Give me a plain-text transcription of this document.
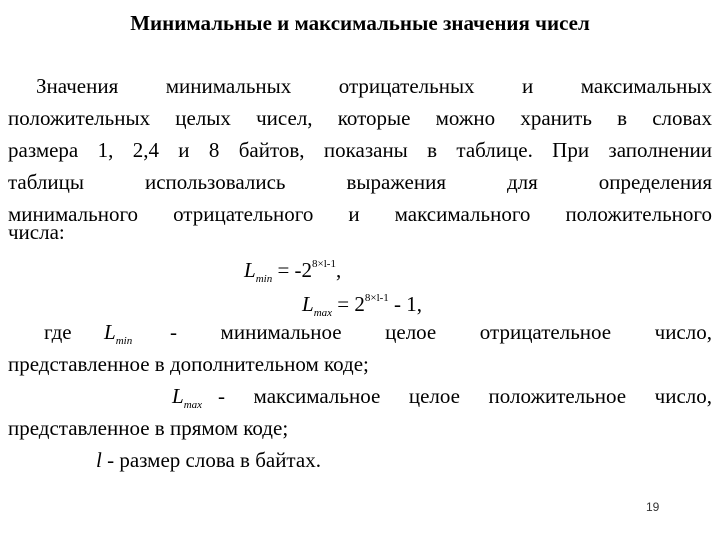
Минимальные и максимальные значения чисел
Значения минимальных отрицательных и максимальных
положительных целых чисел, которые можно хранить в словах
размера 1, 2,4 и 8 байтов, показаны в таблице. При заполнении
таблицы использовались выражения для определения
минимального отрицательного и максимального положительного
числа:
$L_{min} = -2^{8\times l-1}$,
$L_{max} = 2^{8\times l-1} - 1$,
где $L_{min}$ - минимальное целое отрицательное число,
представленное в дополнительном коде;
$L_{max}$ - максимальное целое положительное число,
представленное в прямом коде;
l - размер слова в байтах.
19
